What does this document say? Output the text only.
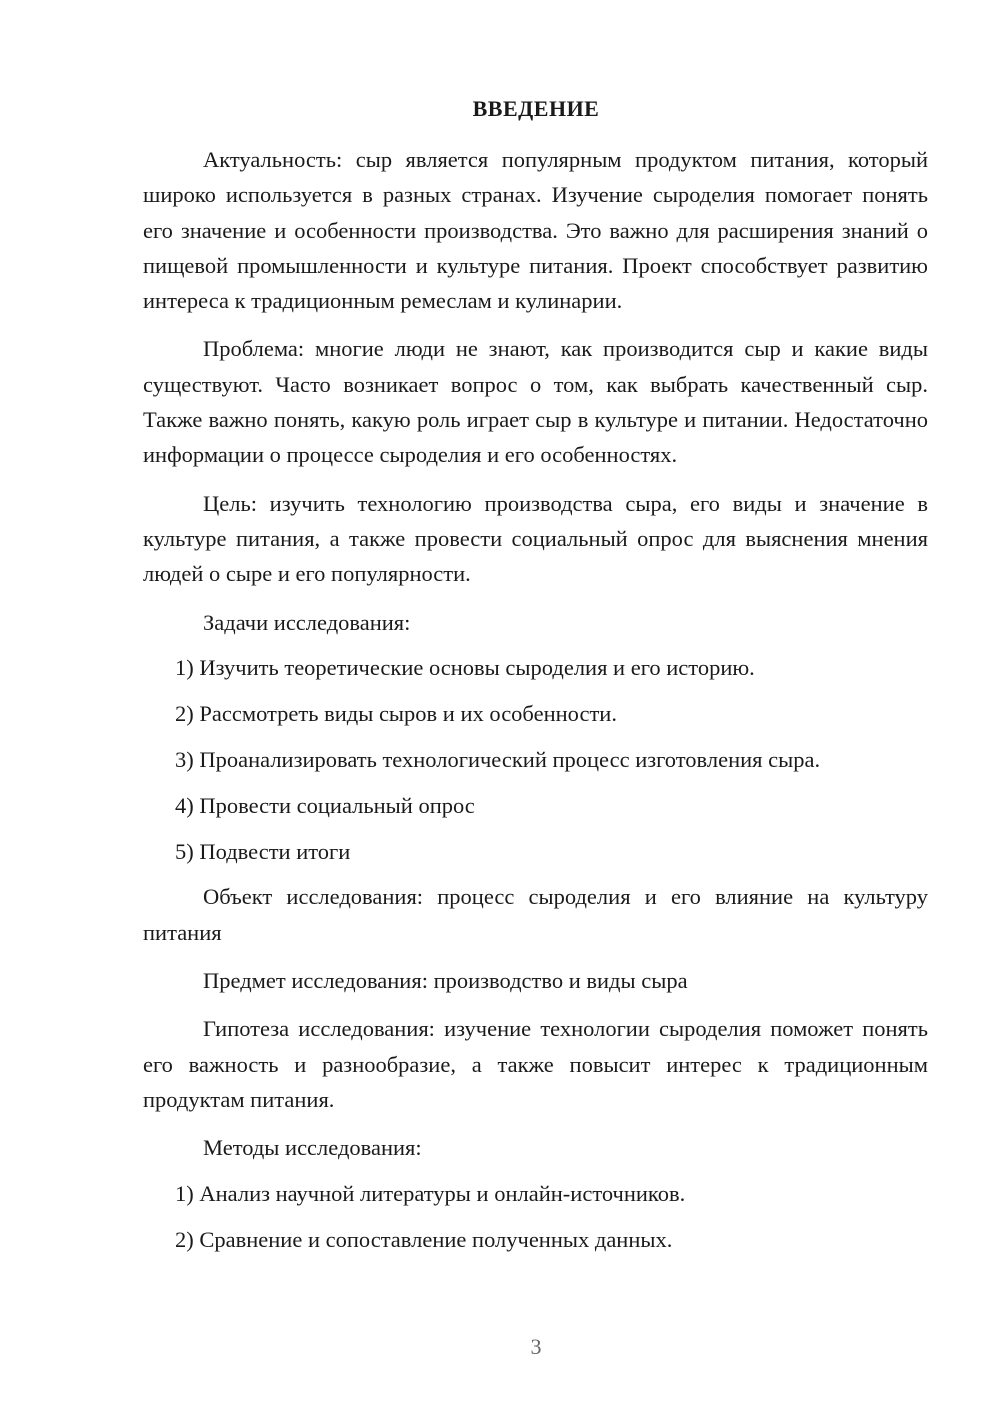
ВВЕДЕНИЕ

Актуальность: сыр является популярным продуктом питания, который широко используется в разных странах. Изучение сыроделия помогает понять его значение и особенности производства. Это важно для расширения знаний о пищевой промышленности и культуре питания. Проект способствует развитию интереса к традиционным ремеслам и кулинарии.

Проблема: многие люди не знают, как производится сыр и какие виды существуют. Часто возникает вопрос о том, как выбрать качественный сыр. Также важно понять, какую роль играет сыр в культуре и питании. Недостаточно информации о процессе сыроделия и его особенностях.

Цель: изучить технологию производства сыра, его виды и значение в культуре питания, а также провести социальный опрос для выяснения мнения людей о сыре и его популярности.

Задачи исследования:

1) Изучить теоретические основы сыроделия и его историю.
2) Рассмотреть виды сыров и их особенности.
3) Проанализировать технологический процесс изготовления сыра.
4) Провести социальный опрос
5) Подвести итоги

Объект исследования: процесс сыроделия и его влияние на культуру питания

Предмет исследования: производство и виды сыра

Гипотеза исследования: изучение технологии сыроделия поможет понять его важность и разнообразие, а также повысит интерес к традиционным продуктам питания.

Методы исследования:

1) Анализ научной литературы и онлайн-источников.
2) Сравнение и сопоставление полученных данных.
3
